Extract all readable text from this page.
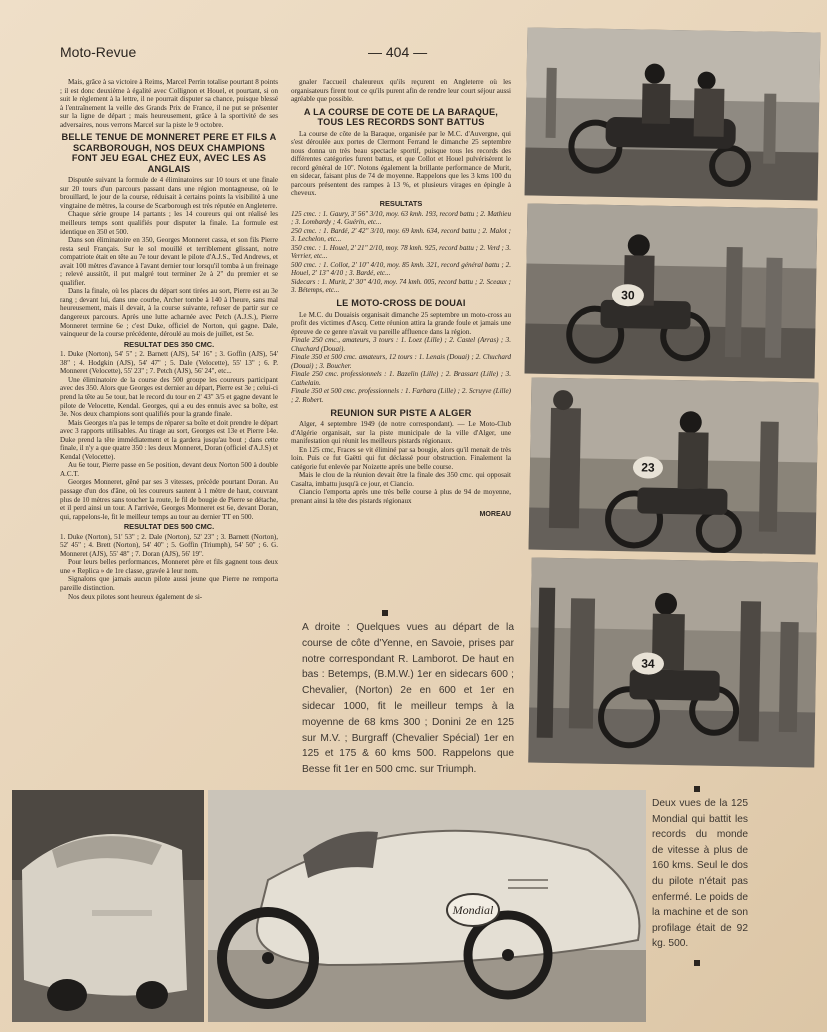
Moto-Revue	— 404 —

Mais, grâce à sa victoire à Reims, Marcel Perrin totalise pourtant 8 points ; il est donc deuxième à égalité avec Collignon et Houel, et pourtant, si on suit le règlement à la lettre, il ne pourrait disputer sa chance, puisque blessé à l'entraînement la veille des Grands Prix de France, il ne put se présenter sur la ligne de départ ; mais heureusement, grâce à la sportivité de ses adversaires, nous verrons Marcel sur la piste le 9 octobre.

BELLE TENUE DE MONNERET PERE ET FILS A SCARBOROUGH, NOS DEUX CHAMPIONS FONT JEU EGAL CHEZ EUX, AVEC LES AS ANGLAIS

Disputée suivant la formule de 4 éliminatoires sur 10 tours et une finale sur 20 tours d'un parcours passant dans une région montagneuse, où le brouillard, le jour de la course, réduisait à certains points la visibilité à une vingtaine de mètres, la course de Scarborough est très réputée en Angleterre.

Chaque série groupe 14 partants ; les 14 coureurs qui ont réalisé les meilleurs temps sont qualifiés pour disputer la finale. La formule est identique en 350 et 500.

Dans son éliminatoire en 350, Georges Monneret cassa, et son fils Pierre resta seul Français. Sur le sol mouillé et terriblement glissant, notre compatriote était en tête au 7e tour devant le pilote d'A.J.S., Ted Andrews, et avait 100 mètres d'avance à l'avant dernier tour lorsqu'il tomba à un freinage ; relevé aussitôt, il put malgré tout terminer 2e à 2" du premier et se qualifier.

Dans la finale, où les places du départ sont tirées au sort, Pierre est au 3e rang ; devant lui, dans une courbe, Archer tombe à 140 à l'heure, sans mal heureusement, mais il devait, à la course suivante, refuser de partir sur ce dangereux parcours. Après une lutte acharnée avec Petch (A.J.S.), Pierre Monneret termine 6e ; c'est Duke, officiel de Norton, qui gagne. Dale, vainqueur de la course précédente, déroulé au mois de juillet, est 5e.

RESULTAT DES 350 CMC.

1. Duke (Norton), 54' 5" ; 2. Barnett (AJS), 54' 16" ; 3. Goffin (AJS), 54' 38" ; 4. Hodgkin (AJS), 54' 47" ; 5. Dale (Velocette), 55' 13" ; 6. P. Monneret (Velocette), 55' 23" ; 7. Petch (AJS), 56' 24", etc...

Une éliminatoire de la course des 500 groupe les coureurs participant avec des 350. Alors que Georges est dernier au départ, Pierre est 3e ; celui-ci prend la tête au 5e tour, bat le record du tour en 2' 43" 3/5 et gagne devant le pilote de Velocette, Kendal. Georges, qui a eu des ennuis avec sa boîte, est 3e. Nos deux champions sont qualifiés pour la grande finale.

Mais Georges n'a pas le temps de réparer sa boîte et doit prendre le départ avec 3 rapports utilisables. Au tirage au sort, Georges est 13e et Pierre 14e. Duke prend la tête immédiatement et la gardera jusqu'au bout ; dans cette finale, il n'y a que quatre 350 : les deux Monneret, Doran (officiel d'A.J.S) et Kendal (Velocette).

Au 6e tour, Pierre passe en 5e position, devant deux Norton 500 à double A.C.T.

Georges Monneret, gêné par ses 3 vitesses, précède pourtant Doran. Au passage d'un dos d'âne, où les coureurs sautent à 1 mètre de haut, couvrant plus de 10 mètres sans toucher la route, le fil de bougie de Pierre se détache, et il perd ainsi un tour. A l'arrivée, Georges Monneret est 6e, devant Doran, qui, rappelons-le, fit le meilleur temps au tour au dernier TT en 500.

RESULTAT DES 500 CMC.

1. Duke (Norton), 51' 53" ; 2. Dale (Norton), 52' 23" ; 3. Barnett (Norton), 52' 45" ; 4. Brett (Norton), 54' 40" ; 5. Goffin (Triumph), 54' 50" ; 6. G. Monneret (AJS), 55' 48" ; 7. Doran (AJS), 56' 19".

Pour leurs belles performances, Monneret père et fils gagnent tous deux une « Replica » de 1re classe, gravée à leur nom.

Signalons que jamais aucun pilote aussi jeune que Pierre ne remporta pareille distinction.

Nos deux pilotes sont heureux également de si-

gnaler l'accueil chaleureux qu'ils reçurent en Angleterre où les organisateurs firent tout ce qu'ils purent afin de rendre leur court séjour aussi agréable que possible.

A LA COURSE DE COTE DE LA BARAQUE, TOUS LES RECORDS SONT BATTUS

La course de côte de la Baraque, organisée par le M.C. d'Auvergne, qui s'est déroulée aux portes de Clermont Ferrand le dimanche 25 septembre nous donna un très beau spectacle sportif, puisque tous les records des différentes catégories furent battus, et que Collot et Houel pulvérisèrent le record général de 10". Notons également la brillante performance de Murit, en sidecar, faisant plus de 74 de moyenne. Rappelons que les 3 kms 100 du parcours présentent des rampes à 13 %, et plusieurs virages en épingle à cheveux.

RESULTATS

125 cmc. : 1. Gaury, 3' 56" 3/10, moy. 63 kmh. 193, record battu ; 2. Mathieu ; 3. Lombardy ; 4. Guérin, etc...

250 cmc. : 1. Bardé, 2' 42" 3/10, moy. 69 kmh. 634, record battu ; 2. Malot ; 3. Lechelon, etc...

350 cmc. : 1. Houel, 2' 21" 2/10, moy. 78 kmh. 925, record battu ; 2. Verd ; 3. Verrier, etc...

500 cmc. : 1. Collot, 2' 10" 4/10, moy. 85 kmh. 321, record général battu ; 2. Houel, 2' 13" 4/10 ; 3. Bardé, etc...

Sidecars : 1. Murit, 2' 30" 4/10, moy. 74 kmh. 005, record battu ; 2. Sceaux ; 3. Bétemps, etc...

LE MOTO-CROSS DE DOUAI

Le M.C. du Douaisis organisait dimanche 25 septembre un moto-cross au profit des victimes d'Ascq. Cette réunion attira la grande foule et jamais une épreuve de ce genre n'avait vu pareille affluence dans la région.

Finale 250 cmc., amateurs, 3 tours : 1. Loez (Lille) ; 2. Castel (Arras) ; 3. Chuchard (Douai).

Finale 350 et 500 cmc. amateurs, 12 tours : 1. Lenais (Douai) ; 2. Chuchard (Douai) ; 3. Boucher.

Finale 250 cmc. professionnels : 1. Bazelin (Lille) ; 2. Brassart (Lille) ; 3. Cathelain.

Finale 350 et 500 cmc. professionnels : 1. Farbara (Lille) ; 2. Scruyve (Lille) ; 2. Robert.

REUNION SUR PISTE A ALGER

Alger, 4 septembre 1949 (de notre correspondant). — Le Moto-Club d'Algérie organisait, sur la piste municipale de la ville d'Alger, une manifestation qui réunit les meilleurs pistards régionaux.

En 125 cmc, Fraces se vit éliminé par sa bougie, alors qu'il menait de très loin. Puis ce fut Gaëtti qui fut déclassé pour obstruction. Finalement la catégorie fut enlevée par Noizette après une belle course.

Mais le clou de la réunion devait être la finale des 350 cmc. qui opposait Casalta, imbattu jusqu'à ce jour, et Ciancio.

Ciancio l'emporta après une très belle course à plus de 94 de moyenne, prenant ainsi la tête des pistards régionaux

MOREAU
A droite : Quelques vues au départ de la course de côte d'Yenne, en Savoie, prises par notre correspondant R. Lamborot. De haut en bas : Betemps, (B.M.W.) 1er en sidecars 600 ; Chevalier, (Norton) 2e en 600 et 1er en sidecar 1000, fit le meilleur temps à la moyenne de 68 kms 300 ; Donini 2e en 125 sur M.V. ; Burgraff (Chevalier Spécial) 1er en 125 et 175 & 60 kms 500. Rappelons que Besse fit 1er en 500 cmc. sur Triumph.
30
23
34
Mondial
Deux vues de la 125 Mondial qui battit les records du monde de vitesse à plus de 160 kms. Seul le dos du pilote n'était pas enfermé. Le poids de la machine et de son profilage était de 92 kg. 500.
